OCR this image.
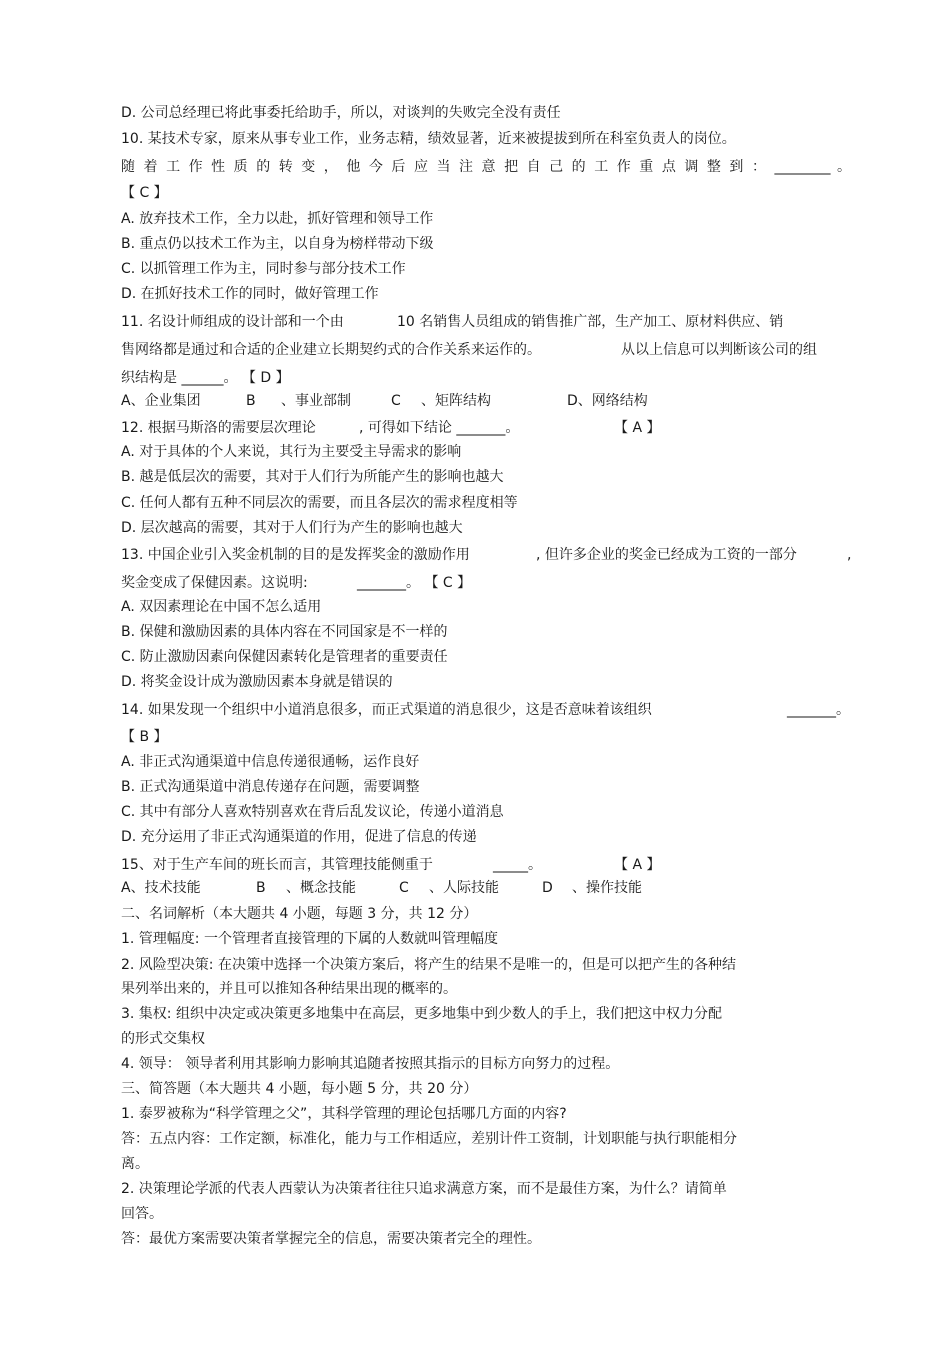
D. 公司总经理已将此事委托给助手，所以，对谈判的失败完全没有责任
10. 某技术专家，原来从事专业工作，业务志精，绩效显著，近来被提拔到所在科室负责人的岗位。
随 着 工 作 性 质 的 转 变 ， 他 今 后 应 当 注 意 把 自 己 的 工 作 重 点 调 整 到 ： ________ 。
【 C 】
A. 放弃技术工作，全力以赴，抓好管理和领导工作
B. 重点仍以技术工作为主，以自身为榜样带动下级
C. 以抓管理工作为主，同时参与部分技术工作
D. 在抓好技术工作的同时，做好管理工作
11. 名设计师组成的设计部和一个由	10 名销售人员组成的销售推广部，生产加工、原材料供应、销
售网络都是通过和合适的企业建立长期契约式的合作关系来运作的。	从以上信息可以判断该公司的组
织结构是 ______。 【 D 】
A、企业集团	B 、事业部制	C 、矩阵结构	D、网络结构
12. 根据马斯洛的需要层次理论	, 可得如下结论 _______。	【 A 】
A. 对于具体的个人来说，其行为主要受主导需求的影响
B. 越是低层次的需要，其对于人们行为所能产生的影响也越大
C. 任何人都有五种不同层次的需要，而且各层次的需求程度相等
D. 层次越高的需要，其对于人们行为产生的影响也越大
13. 中国企业引入奖金机制的目的是发挥奖金的激励作用	, 但许多企业的奖金已经成为工资的一部分	,
奖金变成了保健因素。这说明:	_______。 【 C 】
A. 双因素理论在中国不怎么适用
B. 保健和激励因素的具体内容在不同国家是不一样的
C. 防止激励因素向保健因素转化是管理者的重要责任
D. 将奖金设计成为激励因素本身就是错误的
14. 如果发现一个组织中小道消息很多，而正式渠道的消息很少，这是否意味着该组织	_______。
【 B 】
A. 非正式沟通渠道中信息传递很通畅，运作良好
B. 正式沟通渠道中消息传递存在问题，需要调整
C. 其中有部分人喜欢特别喜欢在背后乱发议论，传递小道消息
D. 充分运用了非正式沟通渠道的作用，促进了信息的传递
15、对于生产车间的班长而言，其管理技能侧重于	_____。	【 A 】
A、技术技能	B 、概念技能	C 、人际技能	D 、操作技能
二、名词解析（本大题共 4 小题，每题 3 分，共 12 分）
1. 管理幅度: 一个管理者直接管理的下属的人数就叫管理幅度
2. 风险型决策: 在决策中选择一个决策方案后，将产生的结果不是唯一的，但是可以把产生的各种结
果列举出来的，并且可以推知各种结果出现的概率的。
3. 集权: 组织中决定或决策更多地集中在高层，更多地集中到少数人的手上，我们把这中权力分配
的形式交集权
4. 领导： 领导者利用其影响力影响其追随者按照其指示的目标方向努力的过程。
三、简答题（本大题共 4 小题，每小题 5 分，共 20 分）
1. 泰罗被称为“科学管理之父”，其科学管理的理论包括哪几方面的内容?
答：五点内容：工作定额，标准化，能力与工作相适应，差别计件工资制，计划职能与执行职能相分
离。
2. 决策理论学派的代表人西蒙认为决策者往往只追求满意方案，而不是最佳方案，为什么？请简单
回答。
答：最优方案需要决策者掌握完全的信息，需要决策者完全的理性。
